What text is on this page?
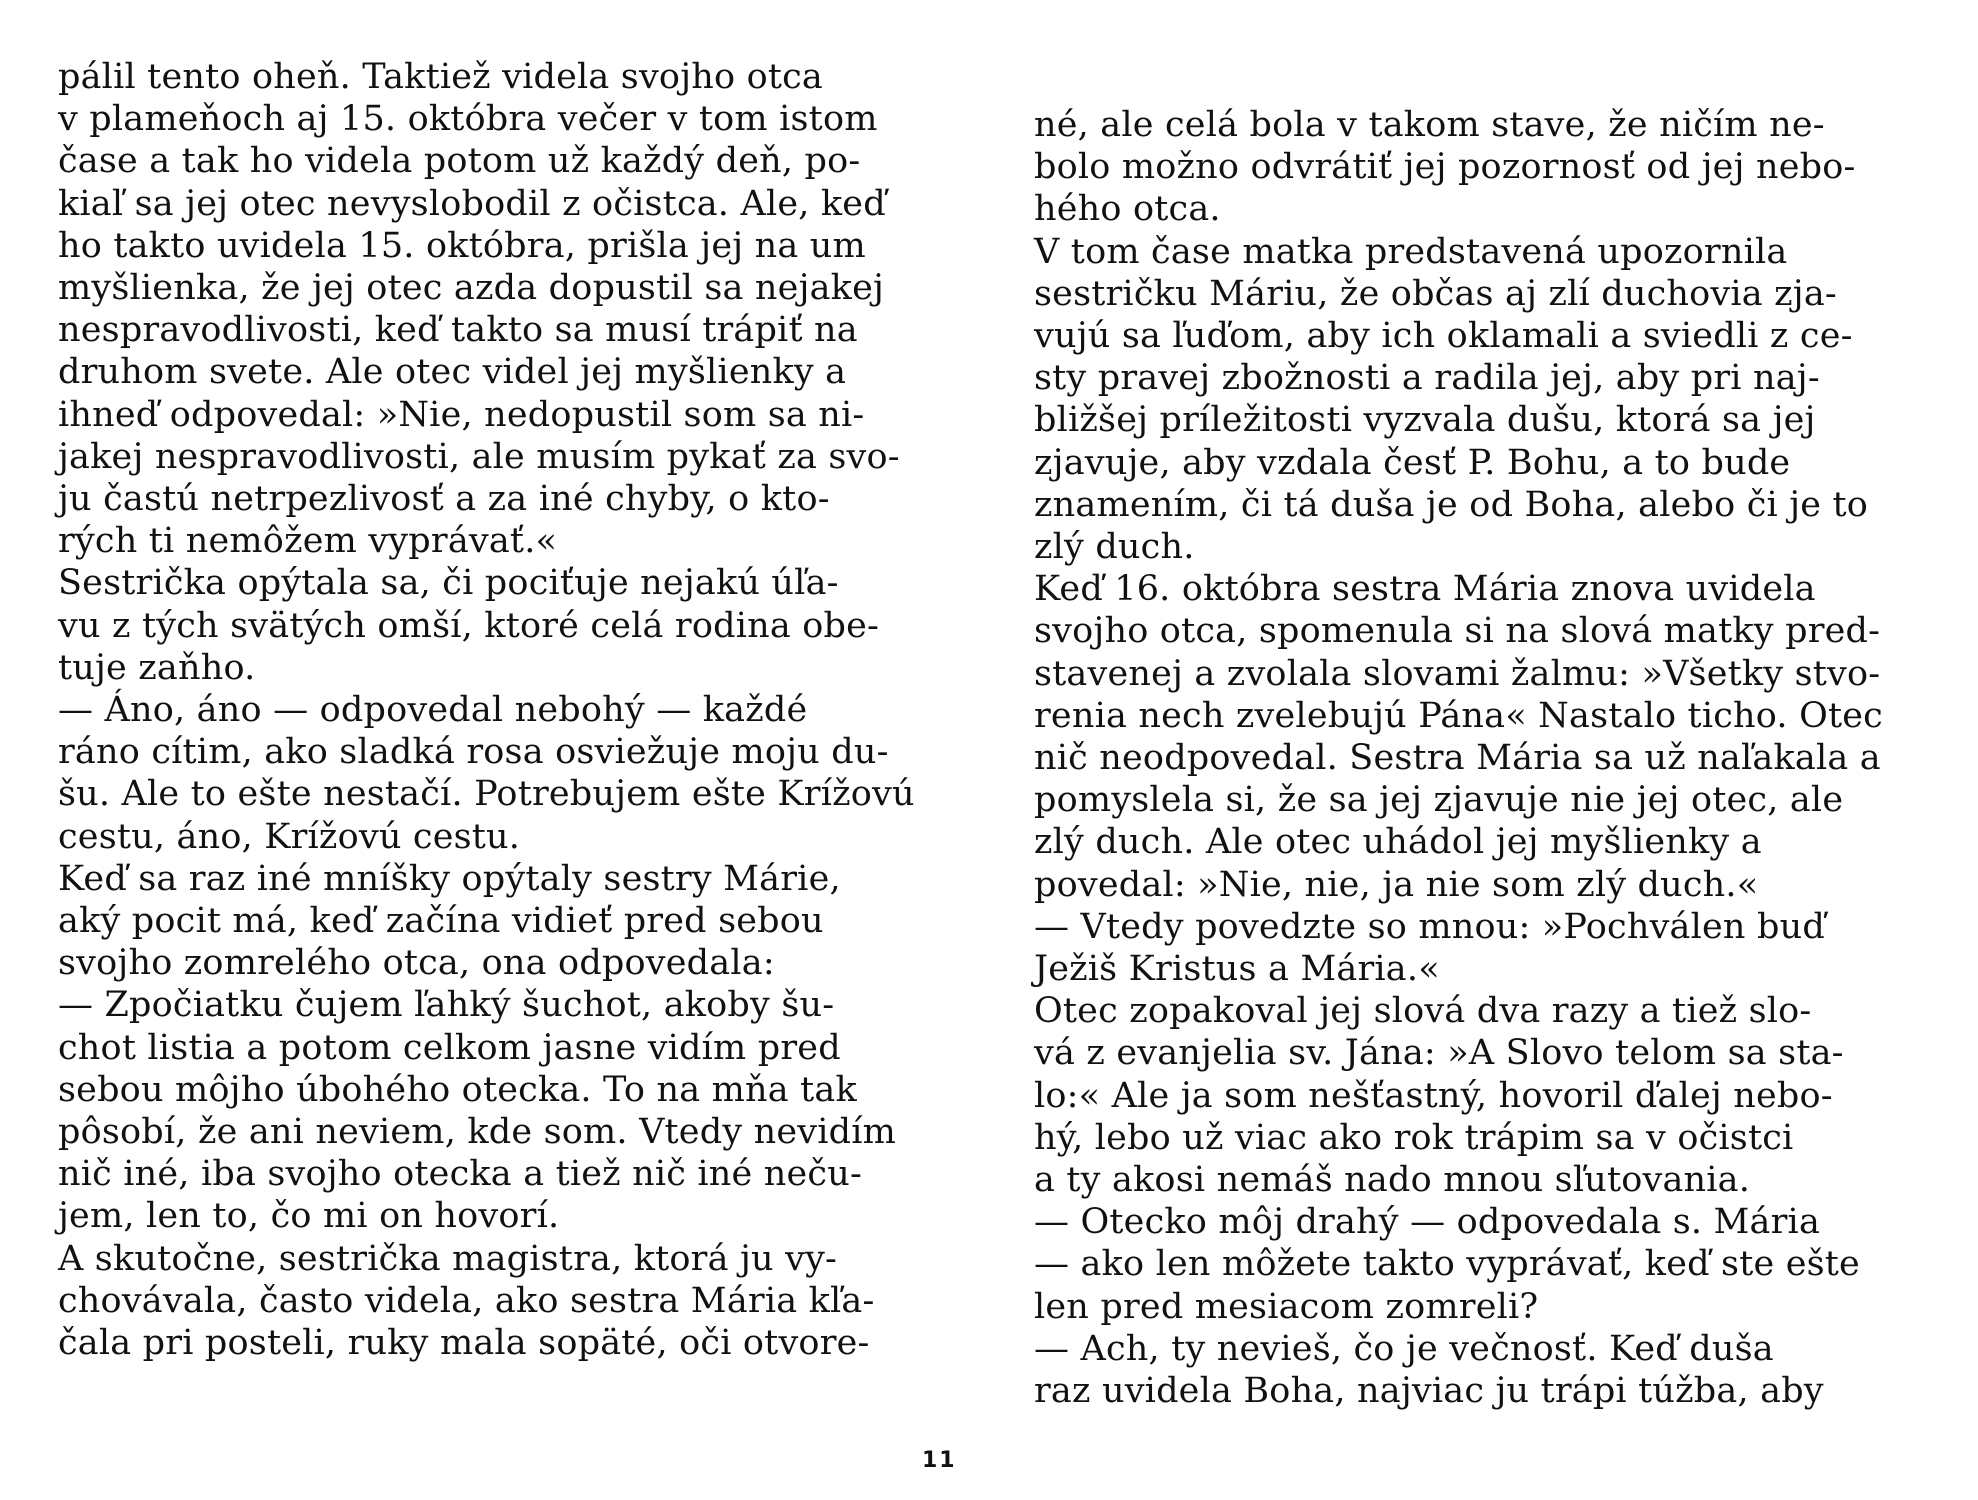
pálil tento oheň. Taktiež videla svojho otca
v plameňoch aj 15. októbra večer v tom istom
čase a tak ho videla potom už každý deň, po-
kiaľ sa jej otec nevyslobodil z očistca. Ale, keď
ho takto uvidela 15. októbra, prišla jej na um
myšlienka, že jej otec azda dopustil sa nejakej
nespravodlivosti, keď takto sa musí trápiť na
druhom svete. Ale otec videl jej myšlienky a
ihneď odpovedal: »Nie, nedopustil som sa ni-
jakej nespravodlivosti, ale musím pykať za svo-
ju častú netrpezlivosť a za iné chyby, o kto-
rých ti nemôžem vyprávať.«
Sestrička opýtala sa, či pociťuje nejakú úľa-
vu z tých svätých omší, ktoré celá rodina obe-
tuje zaňho.
— Áno, áno — odpovedal nebohý — každé
ráno cítim, ako sladká rosa osviežuje moju du-
šu. Ale to ešte nestačí. Potrebujem ešte Krížovú
cestu, áno, Krížovú cestu.
Keď sa raz iné mníšky opýtaly sestry Márie,
aký pocit má, keď začína vidieť pred sebou
svojho zomrelého otca, ona odpovedala:
— Zpočiatku čujem ľahký šuchot, akoby šu-
chot listia a potom celkom jasne vidím pred
sebou môjho úbohého otecka. To na mňa tak
pôsobí, že ani neviem, kde som. Vtedy nevidím
nič iné, iba svojho otecka a tiež nič iné neču-
jem, len to, čo mi on hovorí.
A skutočne, sestrička magistra, ktorá ju vy-
chovávala, často videla, ako sestra Mária kľa-
čala pri posteli, ruky mala sopäté, oči otvore-
né, ale celá bola v takom stave, že ničím ne-
bolo možno odvrátiť jej pozornosť od jej nebo-
hého otca.
V tom čase matka predstavená upozornila
sestričku Máriu, že občas aj zlí duchovia zja-
vujú sa ľuďom, aby ich oklamali a sviedli z ce-
sty pravej zbožnosti a radila jej, aby pri naj-
bližšej príležitosti vyzvala dušu, ktorá sa jej
zjavuje, aby vzdala česť P. Bohu, a to bude
znamením, či tá duša je od Boha, alebo či je to
zlý duch.
Keď 16. októbra sestra Mária znova uvidela
svojho otca, spomenula si na slová matky pred-
stavenej a zvolala slovami žalmu: »Všetky stvo-
renia nech zvelebujú Pána« Nastalo ticho. Otec
nič neodpovedal. Sestra Mária sa už naľakala a
pomyslela si, že sa jej zjavuje nie jej otec, ale
zlý duch. Ale otec uhádol jej myšlienky a
povedal: »Nie, nie, ja nie som zlý duch.«
— Vtedy povedzte so mnou: »Pochválen buď
Ježiš Kristus a Mária.«
Otec zopakoval jej slová dva razy a tiež slo-
vá z evanjelia sv. Jána: »A Slovo telom sa sta-
lo:« Ale ja som nešťastný, hovoril ďalej nebo-
hý, lebo už viac ako rok trápim sa v očistci
a ty akosi nemáš nado mnou sľutovania.
— Otecko môj drahý — odpovedala s. Mária
— ako len môžete takto vyprávať, keď ste ešte
len pred mesiacom zomreli?
— Ach, ty nevieš, čo je večnosť. Keď duša
raz uvidela Boha, najviac ju trápi túžba, aby
11
